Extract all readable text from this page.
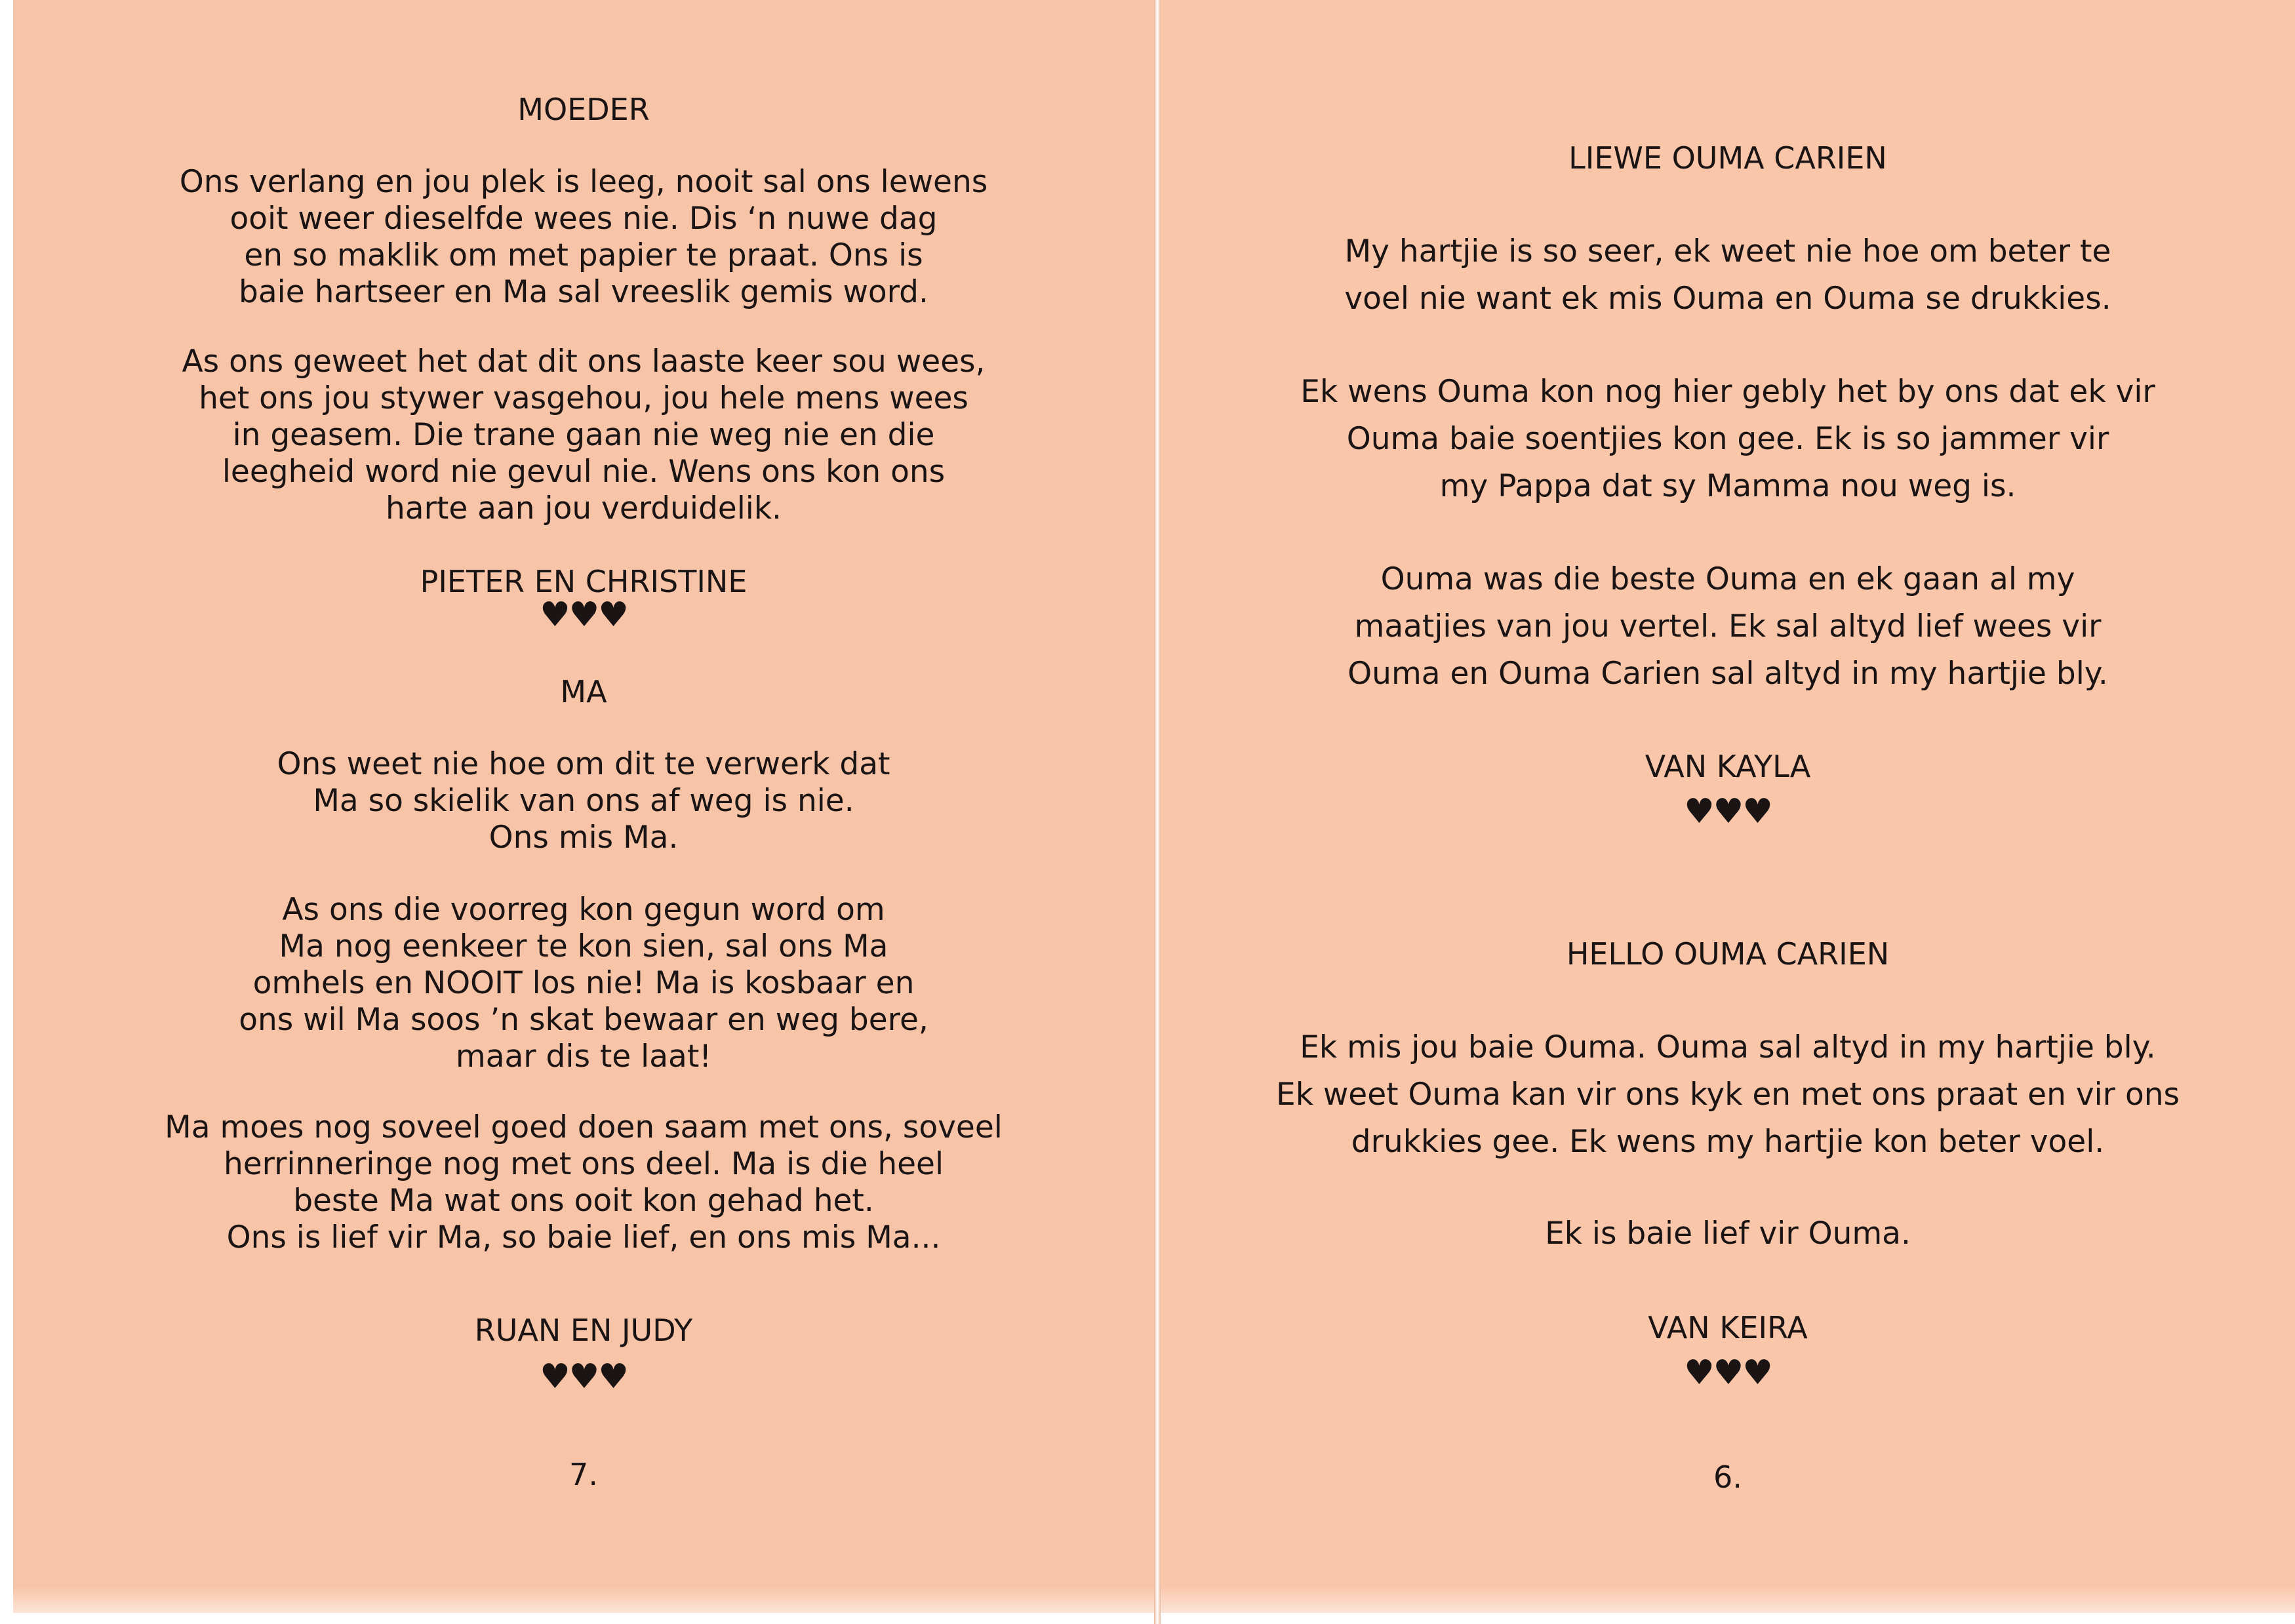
MOEDER
Ons verlang en jou plek is leeg, nooit sal ons lewens
ooit weer dieselfde wees nie. Dis ‘n nuwe dag
en so maklik om met papier te praat. Ons is
baie hartseer en Ma sal vreeslik gemis word.
As ons geweet het dat dit ons laaste keer sou wees,
het ons jou stywer vasgehou, jou hele mens wees
in geasem. Die trane gaan nie weg nie en die
leegheid word nie gevul nie. Wens ons kon ons
harte aan jou verduidelik.
PIETER EN CHRISTINE
♥♥♥
MA
Ons weet nie hoe om dit te verwerk dat
Ma so skielik van ons af weg is nie.
Ons mis Ma.
As ons die voorreg kon gegun word om
Ma nog eenkeer te kon sien, sal ons Ma
omhels en NOOIT los nie! Ma is kosbaar en
ons wil Ma soos ’n skat bewaar en weg bere,
maar dis te laat!
Ma moes nog soveel goed doen saam met ons, soveel
herrinneringe nog met ons deel. Ma is die heel
beste Ma wat ons ooit kon gehad het.
Ons is lief vir Ma, so baie lief, en ons mis Ma...
RUAN EN JUDY
♥♥♥
7.
LIEWE OUMA CARIEN
My hartjie is so seer, ek weet nie hoe om beter te
voel nie want ek mis Ouma en Ouma se drukkies.
Ek wens Ouma kon nog hier gebly het by ons dat ek vir
Ouma baie soentjies kon gee. Ek is so jammer vir
my Pappa dat sy Mamma nou weg is.
Ouma was die beste Ouma en ek gaan al my
maatjies van jou vertel. Ek sal altyd lief wees vir
Ouma en Ouma Carien sal altyd in my hartjie bly.
VAN KAYLA
♥♥♥
HELLO OUMA CARIEN
Ek mis jou baie Ouma. Ouma sal altyd in my hartjie bly.
Ek weet Ouma kan vir ons kyk en met ons praat en vir ons
drukkies gee. Ek wens my hartjie kon beter voel.
Ek is baie lief vir Ouma.
VAN KEIRA
♥♥♥
6.
